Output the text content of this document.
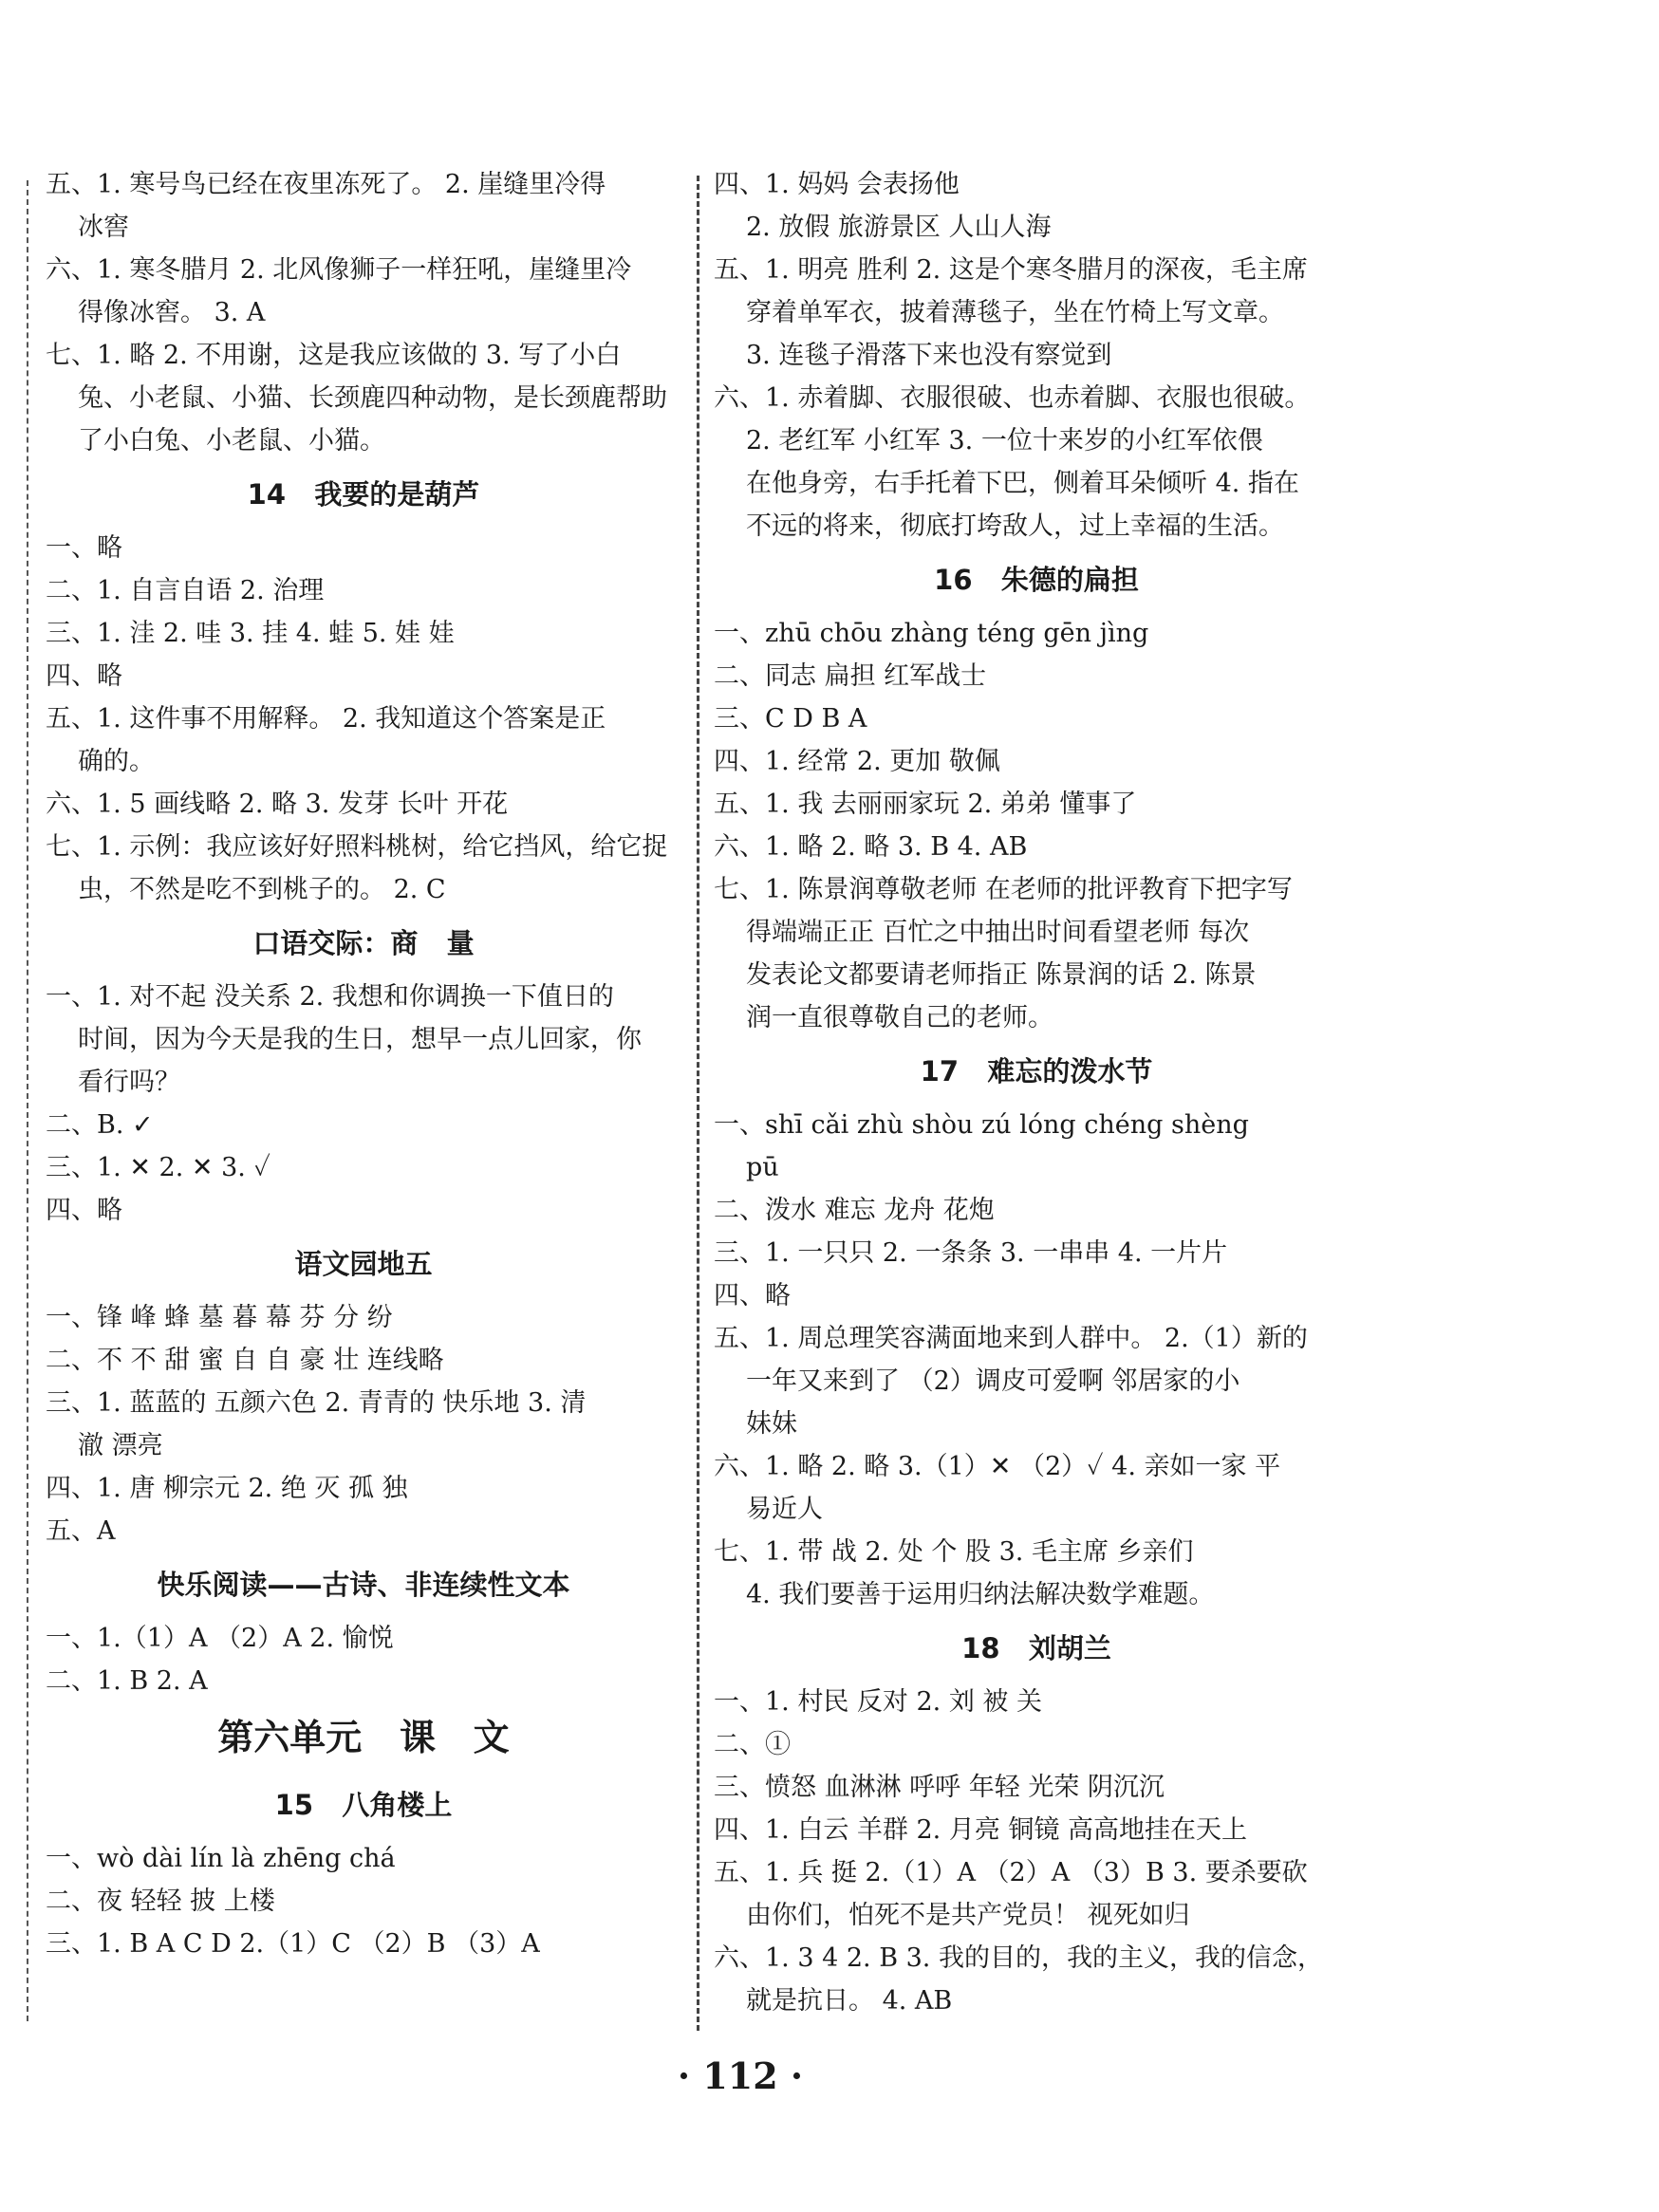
五、1. 寒号鸟已经在夜里冻死了。 2. 崖缝里冷得
冰窖
六、1. 寒冬腊月 2. 北风像狮子一样狂吼，崖缝里冷
得像冰窖。 3. A
七、1. 略 2. 不用谢，这是我应该做的 3. 写了小白
兔、小老鼠、小猫、长颈鹿四种动物，是长颈鹿帮助
了小白兔、小老鼠、小猫。
14   我要的是葫芦
一、略
二、1. 自言自语 2. 治理
三、1. 洼 2. 哇 3. 挂 4. 蛙 5. 娃 娃
四、略
五、1. 这件事不用解释。 2. 我知道这个答案是正
确的。
六、1. 5 画线略 2. 略 3. 发芽 长叶 开花
七、1. 示例：我应该好好照料桃树，给它挡风，给它捉
虫，不然是吃不到桃子的。 2. C
口语交际：商   量
一、1. 对不起 没关系 2. 我想和你调换一下值日的
时间，因为今天是我的生日，想早一点儿回家，你
看行吗？
二、B. ✓
三、1. ✕ 2. ✕ 3. ✓
四、略
语文园地五
一、锋 峰 蜂 墓 暮 幕 芬 分 纷
二、不 不 甜 蜜 自 自 豪 壮 连线略
三、1. 蓝蓝的 五颜六色 2. 青青的 快乐地 3. 清
澈 漂亮
四、1. 唐 柳宗元 2. 绝 灭 孤 独
五、A
快乐阅读——古诗、非连续性文本
一、1.（1）A （2）A 2. 愉悦
二、1. B 2. A
第六单元   课   文
15   八角楼上
一、wò dài lín là zhēng chá
二、夜 轻轻 披 上楼
三、1. B A C D 2.（1）C （2）B （3）A
四、1. 妈妈 会表扬他
2. 放假 旅游景区 人山人海
五、1. 明亮 胜利 2. 这是个寒冬腊月的深夜，毛主席
穿着单军衣，披着薄毯子，坐在竹椅上写文章。
3. 连毯子滑落下来也没有察觉到
六、1. 赤着脚、衣服很破、也赤着脚、衣服也很破。
2. 老红军 小红军 3. 一位十来岁的小红军依偎
在他身旁，右手托着下巴，侧着耳朵倾听 4. 指在
不远的将来，彻底打垮敌人，过上幸福的生活。
16   朱德的扁担
一、zhū chōu zhàng téng gēn jìng
二、同志 扁担 红军战士
三、C D B A
四、1. 经常 2. 更加 敬佩
五、1. 我 去丽丽家玩 2. 弟弟 懂事了
六、1. 略 2. 略 3. B 4. AB
七、1. 陈景润尊敬老师 在老师的批评教育下把字写
得端端正正 百忙之中抽出时间看望老师 每次
发表论文都要请老师指正 陈景润的话 2. 陈景
润一直很尊敬自己的老师。
17   难忘的泼水节
一、shī cǎi zhù shòu zú lóng chéng shèng
pū
二、泼水 难忘 龙舟 花炮
三、1. 一只只 2. 一条条 3. 一串串 4. 一片片
四、略
五、1. 周总理笑容满面地来到人群中。 2.（1）新的
一年又来到了 （2）调皮可爱啊 邻居家的小
妹妹
六、1. 略 2. 略 3.（1）✕ （2）✓ 4. 亲如一家 平
易近人
七、1. 带 战 2. 处 个 股 3. 毛主席 乡亲们
4. 我们要善于运用归纳法解决数学难题。
18   刘胡兰
一、1. 村民 反对 2. 刘 被 关
二、①
三、愤怒 血淋淋 呼呼 年轻 光荣 阴沉沉
四、1. 白云 羊群 2. 月亮 铜镜 高高地挂在天上
五、1. 兵 挺 2.（1）A （2）A （3）B 3. 要杀要砍
由你们，怕死不是共产党员！ 视死如归
六、1. 3 4 2. B 3. 我的目的，我的主义，我的信念，
就是抗日。 4. AB
· 112 ·
